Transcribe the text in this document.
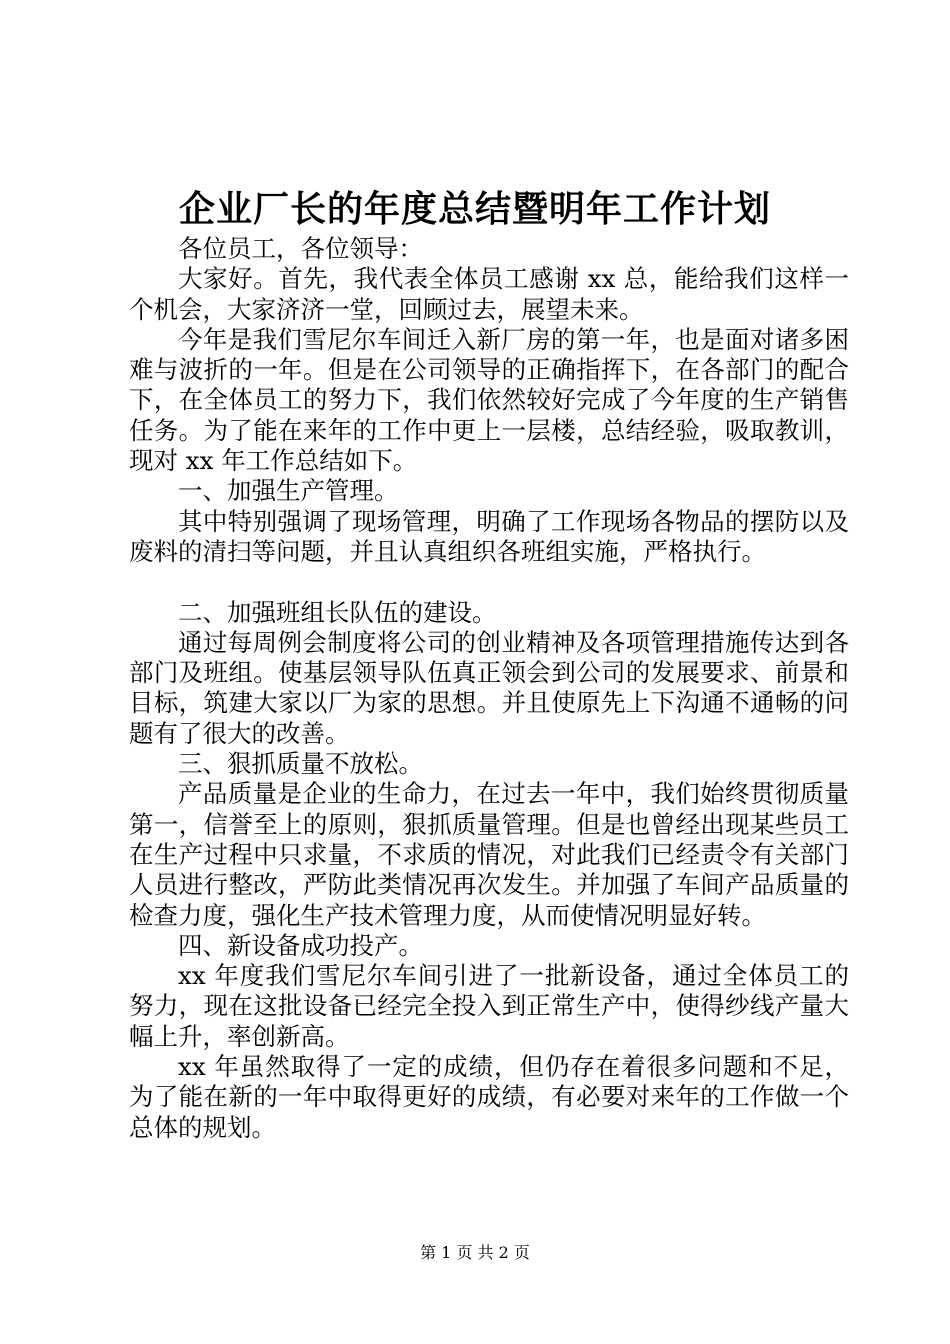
企业厂长的年度总结暨明年工作计划

各位员工，各位领导：

大家好。首先，我代表全体员工感谢 xx 总，能给我们这样一个机会，大家济济一堂，回顾过去，展望未来。

今年是我们雪尼尔车间迁入新厂房的第一年，也是面对诸多困难与波折的一年。但是在公司领导的正确指挥下，在各部门的配合下，在全体员工的努力下，我们依然较好完成了今年度的生产销售任务。为了能在来年的工作中更上一层楼，总结经验，吸取教训，现对 xx 年工作总结如下。

一、加强生产管理。

其中特别强调了现场管理，明确了工作现场各物品的摆防以及废料的清扫等问题，并且认真组织各班组实施，严格执行。

二、加强班组长队伍的建设。

通过每周例会制度将公司的创业精神及各项管理措施传达到各部门及班组。使基层领导队伍真正领会到公司的发展要求、前景和目标，筑建大家以厂为家的思想。并且使原先上下沟通不通畅的问题有了很大的改善。

三、狠抓质量不放松。

产品质量是企业的生命力，在过去一年中，我们始终贯彻质量第一，信誉至上的原则，狠抓质量管理。但是也曾经出现某些员工在生产过程中只求量，不求质的情况，对此我们已经责令有关部门人员进行整改，严防此类情况再次发生。并加强了车间产品质量的检查力度，强化生产技术管理力度，从而使情况明显好转。

四、新设备成功投产。

xx 年度我们雪尼尔车间引进了一批新设备，通过全体员工的努力，现在这批设备已经完全投入到正常生产中，使得纱线产量大幅上升，率创新高。

xx 年虽然取得了一定的成绩，但仍存在着很多问题和不足，为了能在新的一年中取得更好的成绩，有必要对来年的工作做一个总体的规划。

第 1 页 共 2 页
